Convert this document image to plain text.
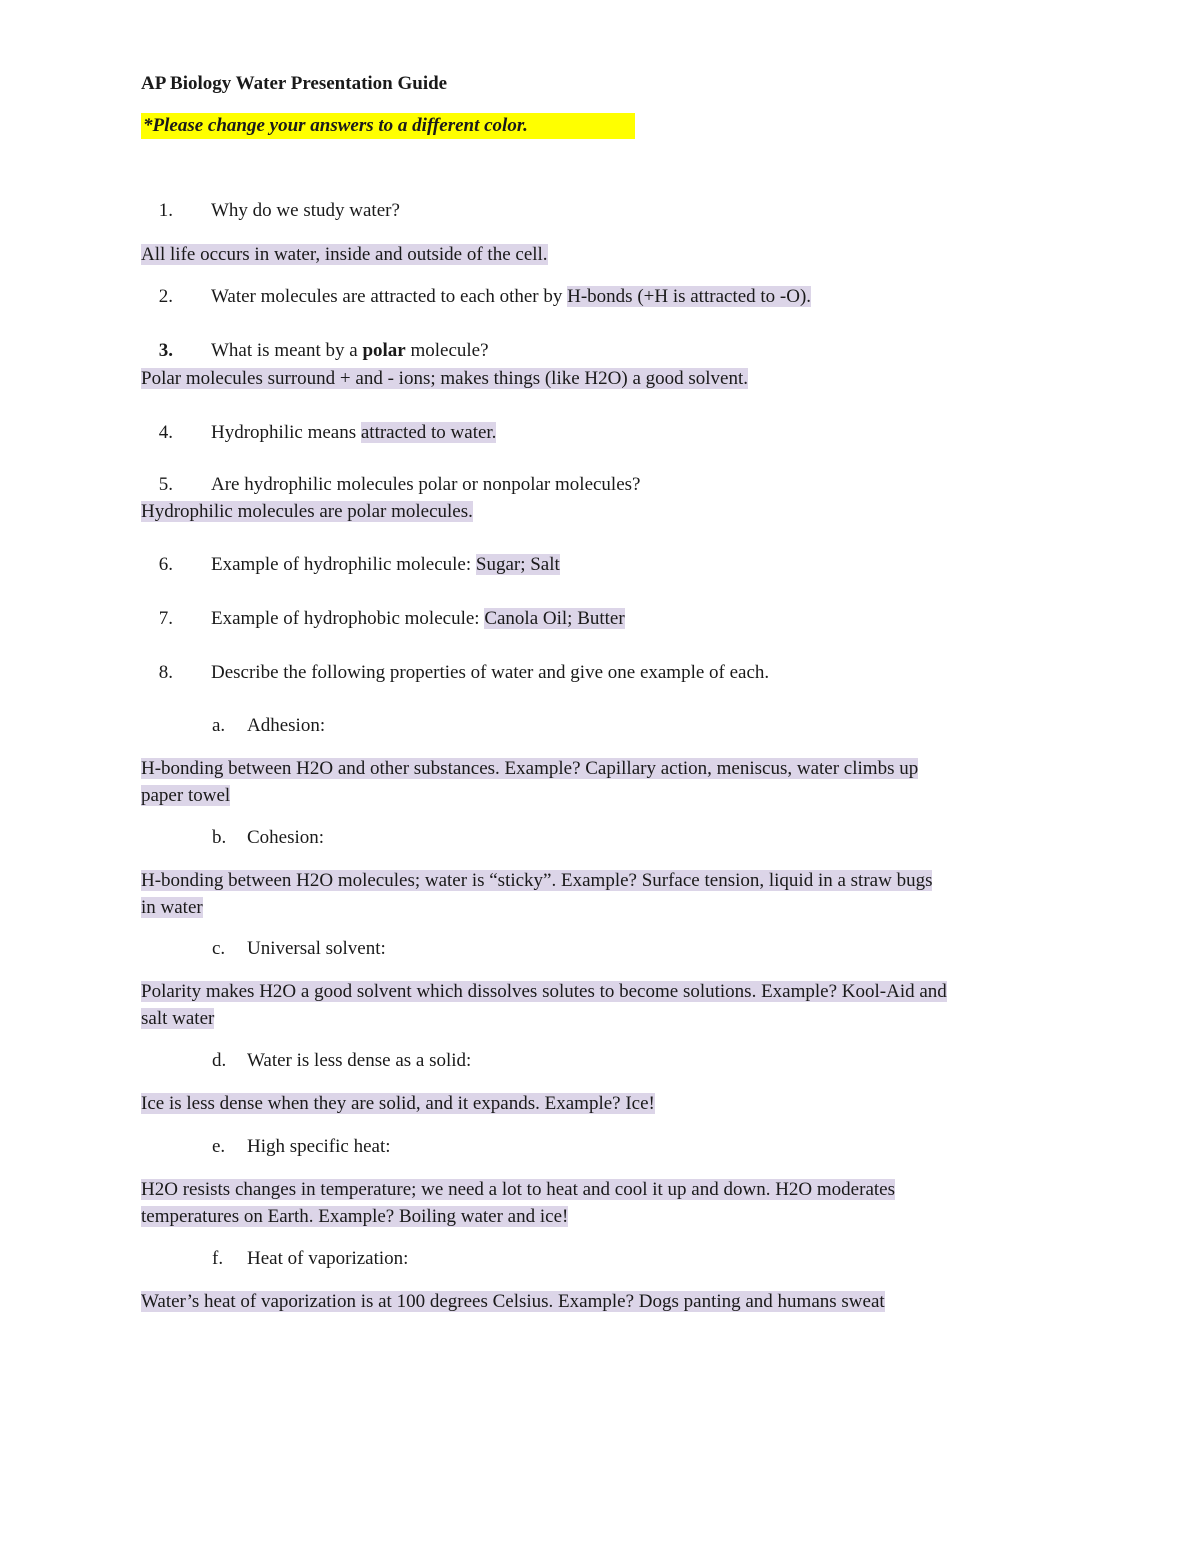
AP Biology Water Presentation Guide
*Please change your answers to a different color.
1. Why do we study water?
All life occurs in water, inside and outside of the cell.
2. Water molecules are attracted to each other by H-bonds (+H is attracted to -O).
3. What is meant by a polar molecule?
Polar molecules surround + and - ions; makes things (like H2O) a good solvent.
4. Hydrophilic means attracted to water.
5. Are hydrophilic molecules polar or nonpolar molecules?
Hydrophilic molecules are polar molecules.
6. Example of hydrophilic molecule: Sugar; Salt
7. Example of hydrophobic molecule: Canola Oil; Butter
8. Describe the following properties of water and give one example of each.
a. Adhesion:
H-bonding between H2O and other substances. Example? Capillary action, meniscus, water climbs up
paper towel
b. Cohesion:
H-bonding between H2O molecules; water is “sticky”. Example? Surface tension, liquid in a straw bugs
in water
c. Universal solvent:
Polarity makes H2O a good solvent which dissolves solutes to become solutions. Example? Kool-Aid and
salt water
d. Water is less dense as a solid:
Ice is less dense when they are solid, and it expands. Example? Ice!
e. High specific heat:
H2O resists changes in temperature; we need a lot to heat and cool it up and down. H2O moderates
temperatures on Earth. Example? Boiling water and ice!
f. Heat of vaporization:
Water’s heat of vaporization is at 100 degrees Celsius. Example? Dogs panting and humans sweat
